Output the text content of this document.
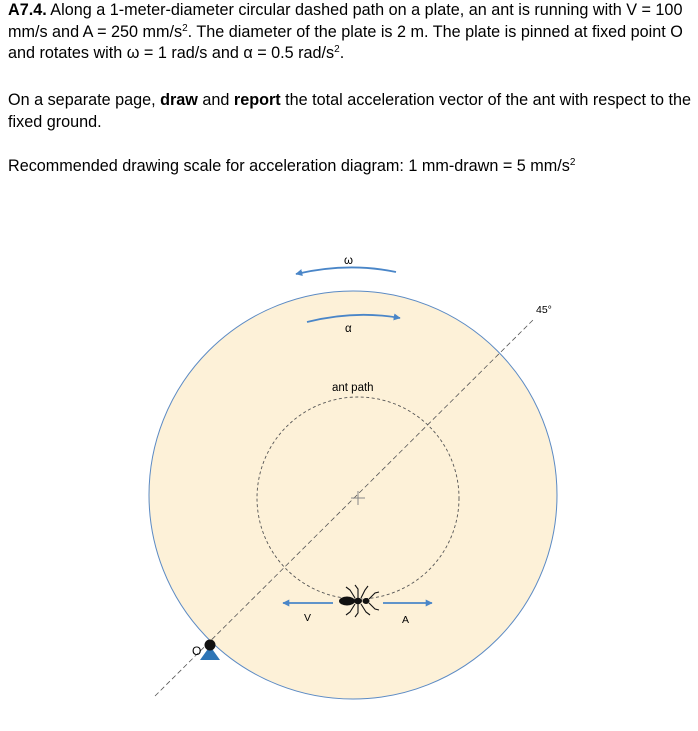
A7.4. Along a 1-meter-diameter circular dashed path on a plate, an ant is running with V = 100 mm/s and A = 250 $mm/s^2$. The diameter of the plate is 2 m. The plate is pinned at fixed point O and rotates with ω = 1 rad/s and α = 0.5 rad/$s^2$.

On a separate page, draw and report the total acceleration vector of the ant with respect to the fixed ground.

Recommended drawing scale for acceleration diagram: 1 mm-drawn = 5 $mm/s^2$

ω
α
ant path
45°
V	A
O
